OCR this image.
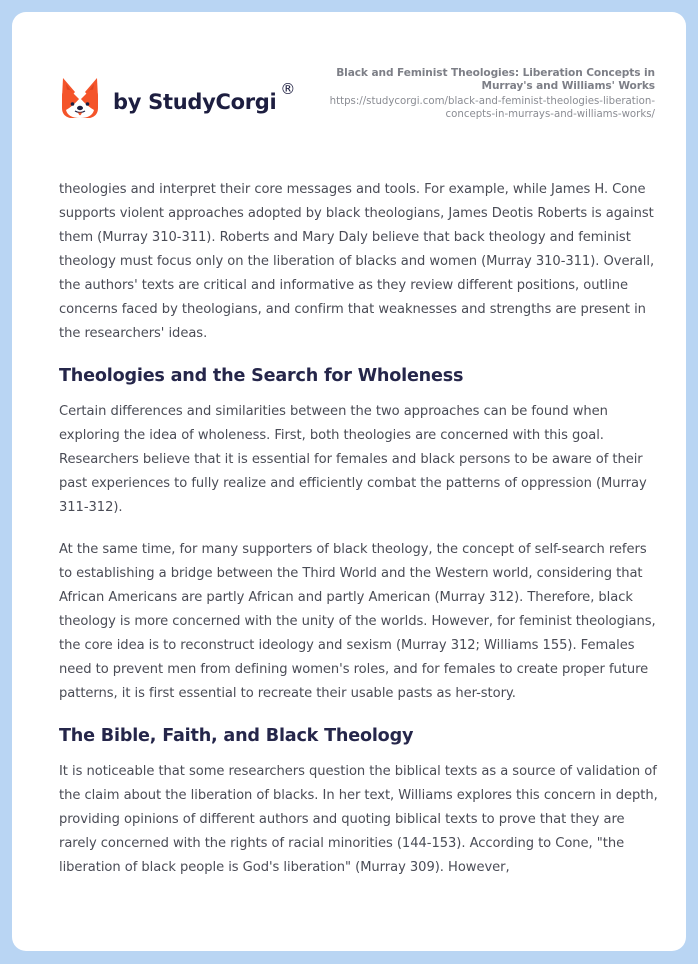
by StudyCorgi
®
Black and Feminist Theologies: Liberation Concepts in Murray's and Williams' Works
https://studycorgi.com/black-and-feminist-theologies-liberation-concepts-in-murrays-and-williams-works/

theologies and interpret their core messages and tools. For example, while James H. Cone supports violent approaches adopted by black theologians, James Deotis Roberts is against them (Murray 310-311). Roberts and Mary Daly believe that back theology and feminist theology must focus only on the liberation of blacks and women (Murray 310-311). Overall, the authors' texts are critical and informative as they review different positions, outline concerns faced by theologians, and confirm that weaknesses and strengths are present in the researchers' ideas.

Theologies and the Search for Wholeness

Certain differences and similarities between the two approaches can be found when exploring the idea of wholeness. First, both theologies are concerned with this goal. Researchers believe that it is essential for females and black persons to be aware of their past experiences to fully realize and efficiently combat the patterns of oppression (Murray 311-312).

At the same time, for many supporters of black theology, the concept of self-search refers to establishing a bridge between the Third World and the Western world, considering that African Americans are partly African and partly American (Murray 312). Therefore, black theology is more concerned with the unity of the worlds. However, for feminist theologians, the core idea is to reconstruct ideology and sexism (Murray 312; Williams 155). Females need to prevent men from defining women's roles, and for females to create proper future patterns, it is first essential to recreate their usable pasts as her-story.

The Bible, Faith, and Black Theology

It is noticeable that some researchers question the biblical texts as a source of validation of the claim about the liberation of blacks. In her text, Williams explores this concern in depth, providing opinions of different authors and quoting biblical texts to prove that they are rarely concerned with the rights of racial minorities (144-153). According to Cone, "the liberation of black people is God's liberation" (Murray 309). However,
